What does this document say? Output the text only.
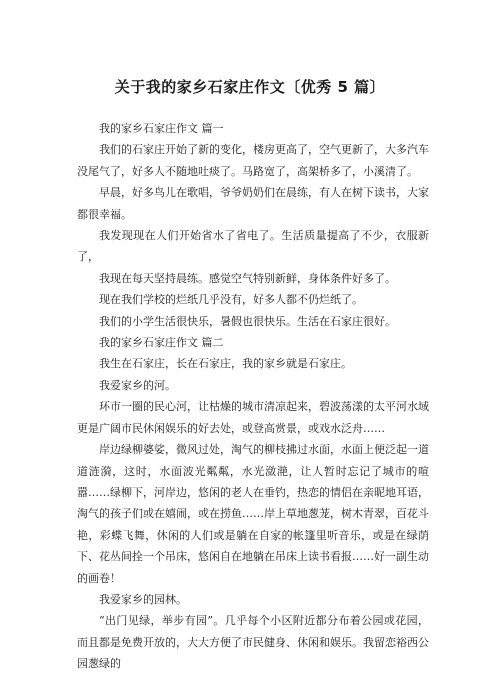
关于我的家乡石家庄作文〔优秀 5 篇〕

我的家乡石家庄作文 篇一

我们的石家庄开始了新的变化，楼房更高了，空气更新了，大多汽车没尾气了，好多人不随地吐痰了。马路宽了，高架桥多了，小溪清了。

早晨，好多鸟儿在歌唱，爷爷奶奶们在晨练，有人在树下读书，大家都很幸福。

我发现现在人们开始省水了省电了。生活质量提高了不少，衣服新了，

我现在每天坚持晨练。感觉空气特别新鲜，身体条件好多了。

现在我们学校的烂纸几乎没有，好多人都不仍烂纸了。

我们的小学生活很快乐，暑假也很快乐。生活在石家庄很好。

我的家乡石家庄作文 篇二

我生在石家庄，长在石家庄，我的家乡就是石家庄。

我爱家乡的河。

环市一圈的民心河，让枯燥的城市清凉起来，碧波荡漾的太平河水域更是广阔市民休闲娱乐的好去处，或登高赏景，或戏水泛舟……

岸边绿柳婆娑，微风过处，淘气的柳枝拂过水面，水面上便泛起一道道涟漪，这时，水面波光粼粼，水光潋滟，让人暂时忘记了城市的喧嚣……绿柳下，河岸边，悠闲的老人在垂钓，热恋的情侣在亲昵地耳语，淘气的孩子们或在嬉闹，或在捞鱼……岸上草地葱茏，树木青翠，百花斗艳，彩蝶飞舞，休闲的人们或是躺在自家的帐篷里听音乐，或是在绿荫下、花丛间拴一个吊床，悠闲自在地躺在吊床上读书看报……好一副生动的画卷！

我爱家乡的园林。

“出门见绿，举步有园”。几乎每个小区附近都分布着公园或花园，而且都是免费开放的，大大方便了市民健身、休闲和娱乐。我留恋裕西公园葱绿的
